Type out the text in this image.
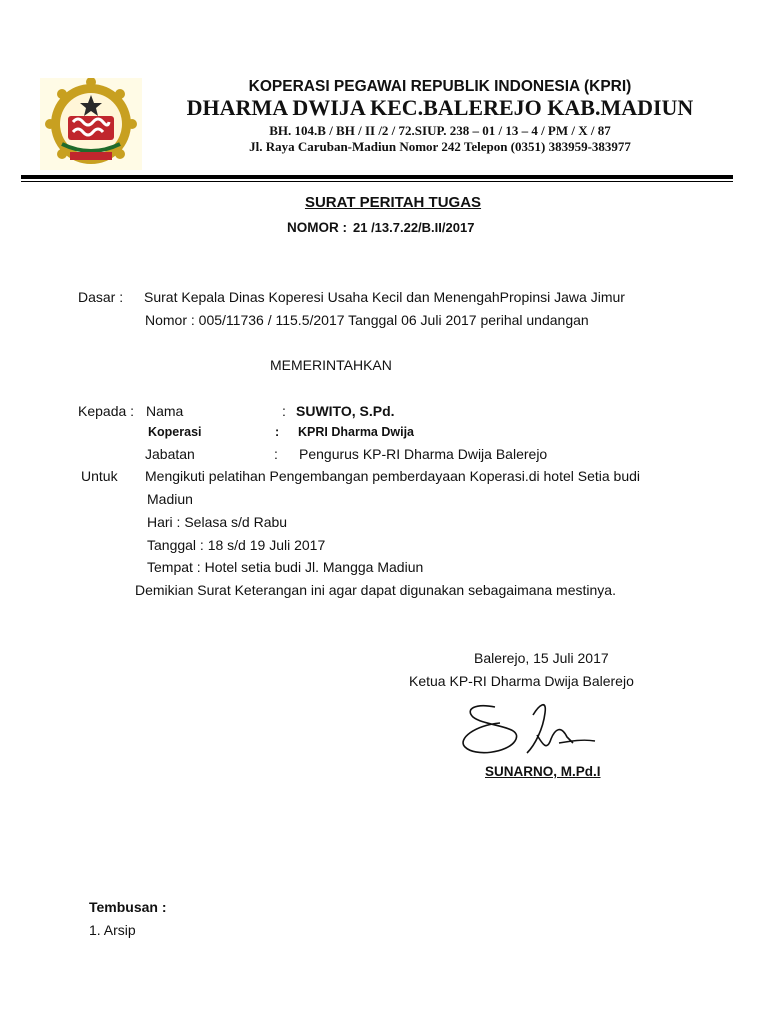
KOPERASI PEGAWAI REPUBLIK INDONESIA (KPRI)
DHARMA DWIJA KEC.BALEREJO KAB.MADIUN
BH. 104.B / BH / II /2 / 72.SIUP. 238 – 01 / 13 – 4 / PM / X / 87
Jl. Raya Caruban-Madiun Nomor 242 Telepon (0351) 383959-383977
SURAT PERITAH TUGAS
NOMOR : 21 /13.7.22/B.II/2017
Dasar : Surat Kepala Dinas Koperesi Usaha Kecil dan MenengahPropinsi Jawa Jimur
Nomor : 005/11736 / 115.5/2017 Tanggal 06 Juli 2017 perihal undangan
MEMERINTAHKAN
Kepada : Nama	: SUWITO, S.Pd.
Koperasi	: KPRI Dharma Dwija
Jabatan	: Pengurus KP-RI Dharma Dwija Balerejo
Untuk Mengikuti pelatihan Pengembangan pemberdayaan Koperasi.di hotel Setia budi
Madiun
Hari : Selasa s/d Rabu
Tanggal : 18 s/d 19 Juli 2017
Tempat : Hotel setia budi Jl. Mangga Madiun
Demikian Surat Keterangan ini agar dapat digunakan sebagaimana mestinya.
Balerejo, 15 Juli 2017
Ketua KP-RI Dharma Dwija Balerejo
SUNARNO, M.Pd.I
Tembusan :
1. Arsip
